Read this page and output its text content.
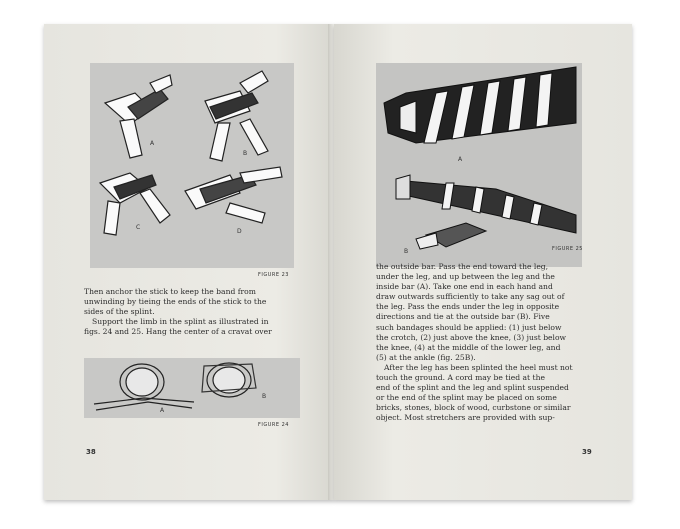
A
B
C
D
FIGURE 23

Then anchor the stick to keep the band from

unwinding by tieing the ends of the stick to the

sides of the splint.

Support the limb in the splint as illustrated in

figs. 24 and 25. Hang the center of a cravat over

A
B
FIGURE 24
38
A
B	FIGURE 25

the outside bar. Pass the end toward the leg,

under the leg, and up between the leg and the

inside bar (A). Take one end in each hand and

draw outwards sufficiently to take any sag out of

the leg. Pass the ends under the leg in opposite

directions and tie at the outside bar (B). Five

such bandages should be applied: (1) just below

the crotch, (2) just above the knee, (3) just below

the knee, (4) at the middle of the lower leg, and

(5) at the ankle (fig. 25B).

After the leg has been splinted the heel must not

touch the ground. A cord may be tied at the

end of the splint and the leg and splint suspended

or the end of the splint may be placed on some

bricks, stones, block of wood, curbstone or similar

object. Most stretchers are provided with sup-

39
